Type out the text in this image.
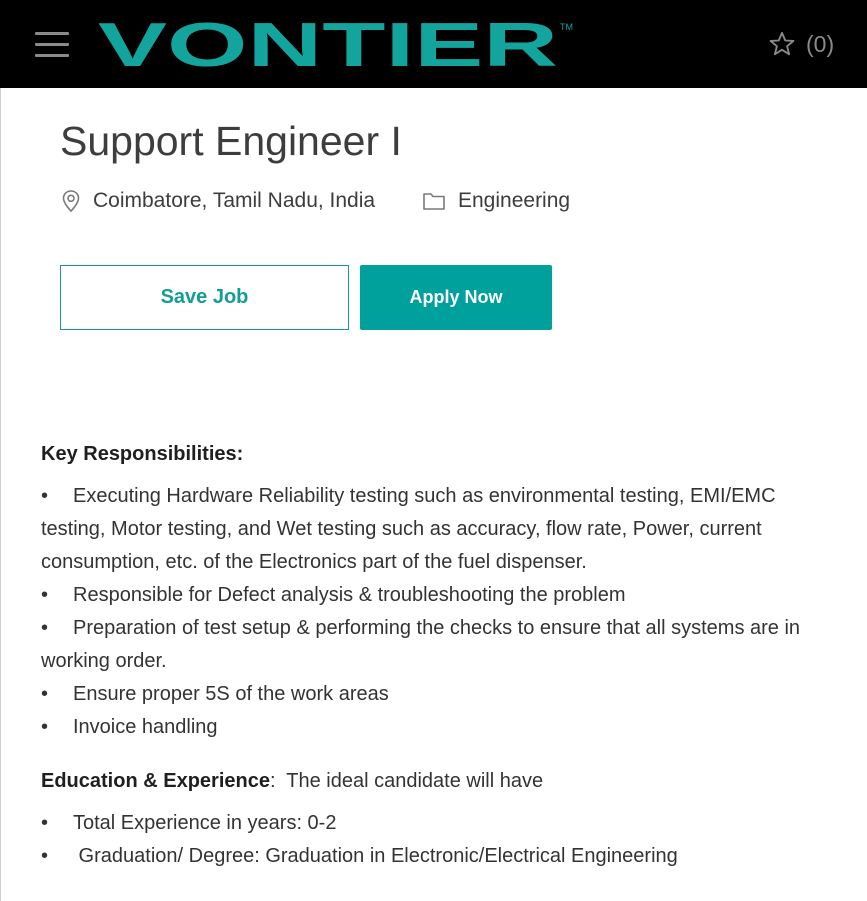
VONTIER TM
(0)
Support Engineer I
Coimbatore, Tamil Nadu, India	Engineering
Save Job	Apply Now
Key Responsibilities:
• Executing Hardware Reliability testing such as environmental testing, EMI/EMC testing, Motor testing, and Wet testing such as accuracy, flow rate, Power, current consumption, etc. of the Electronics part of the fuel dispenser.
• Responsible for Defect analysis & troubleshooting the problem
• Preparation of test setup & performing the checks to ensure that all systems are in working order.
• Ensure proper 5S of the work areas
• Invoice handling
Education & Experience:  The ideal candidate will have
• Total Experience in years: 0-2
• Graduation/ Degree: Graduation in Electronic/Electrical Engineering
